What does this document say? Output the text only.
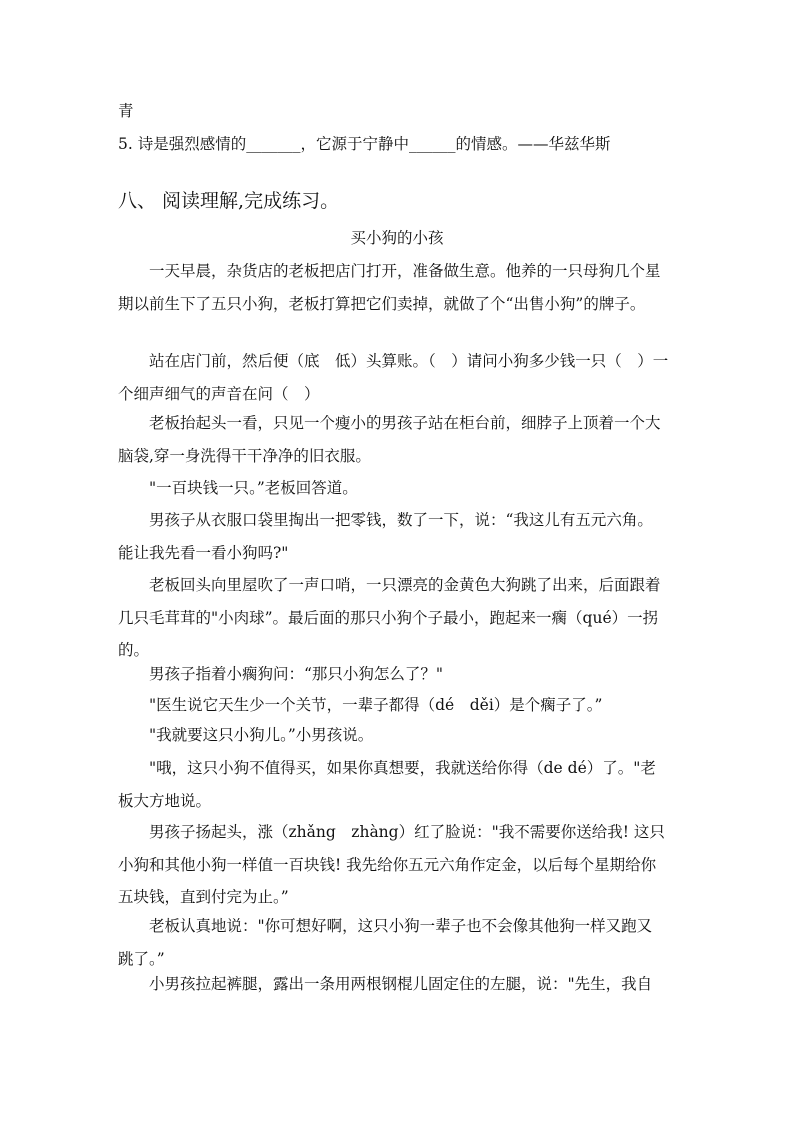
青
5. 诗是强烈感情的_______，它源于宁静中______的情感。——华兹华斯
八、 阅读理解,完成练习。
买小狗的小孩
一天早晨，杂货店的老板把店门打开，准备做生意。他养的一只母狗几个星期以前生下了五只小狗，老板打算把它们卖掉，就做了个“出售小狗”的牌子。
站在店门前，然后便（底　低）头算账。（　）请问小狗多少钱一只（　）一个细声细气的声音在问（　）
老板抬起头一看，只见一个瘦小的男孩子站在柜台前，细脖子上顶着一个大脑袋,穿一身洗得干干净净的旧衣服。
"一百块钱一只。”老板回答道。
男孩子从衣服口袋里掏出一把零钱，数了一下，说：“我这儿有五元六角。能让我先看一看小狗吗?"
老板回头向里屋吹了一声口哨，一只漂亮的金黄色大狗跳了出来，后面跟着几只毛茸茸的"小肉球”。最后面的那只小狗个子最小，跑起来一瘸（qué）一拐的。
男孩子指着小瘸狗问：“那只小狗怎么了？"
"医生说它天生少一个关节，一辈子都得（dé　děi）是个瘸子了。”
"我就要这只小狗儿。”小男孩说。
"哦，这只小狗不值得买，如果你真想要，我就送给你得（de dé）了。"老板大方地说。
男孩子扬起头，涨（zhǎng　zhàng）红了脸说："我不需要你送给我! 这只小狗和其他小狗一样值一百块钱! 我先给你五元六角作定金，以后每个星期给你五块钱，直到付完为止。”
老板认真地说："你可想好啊，这只小狗一辈子也不会像其他狗一样又跑又跳了。”
小男孩拉起裤腿，露出一条用两根钢棍儿固定住的左腿，说："先生，我自
